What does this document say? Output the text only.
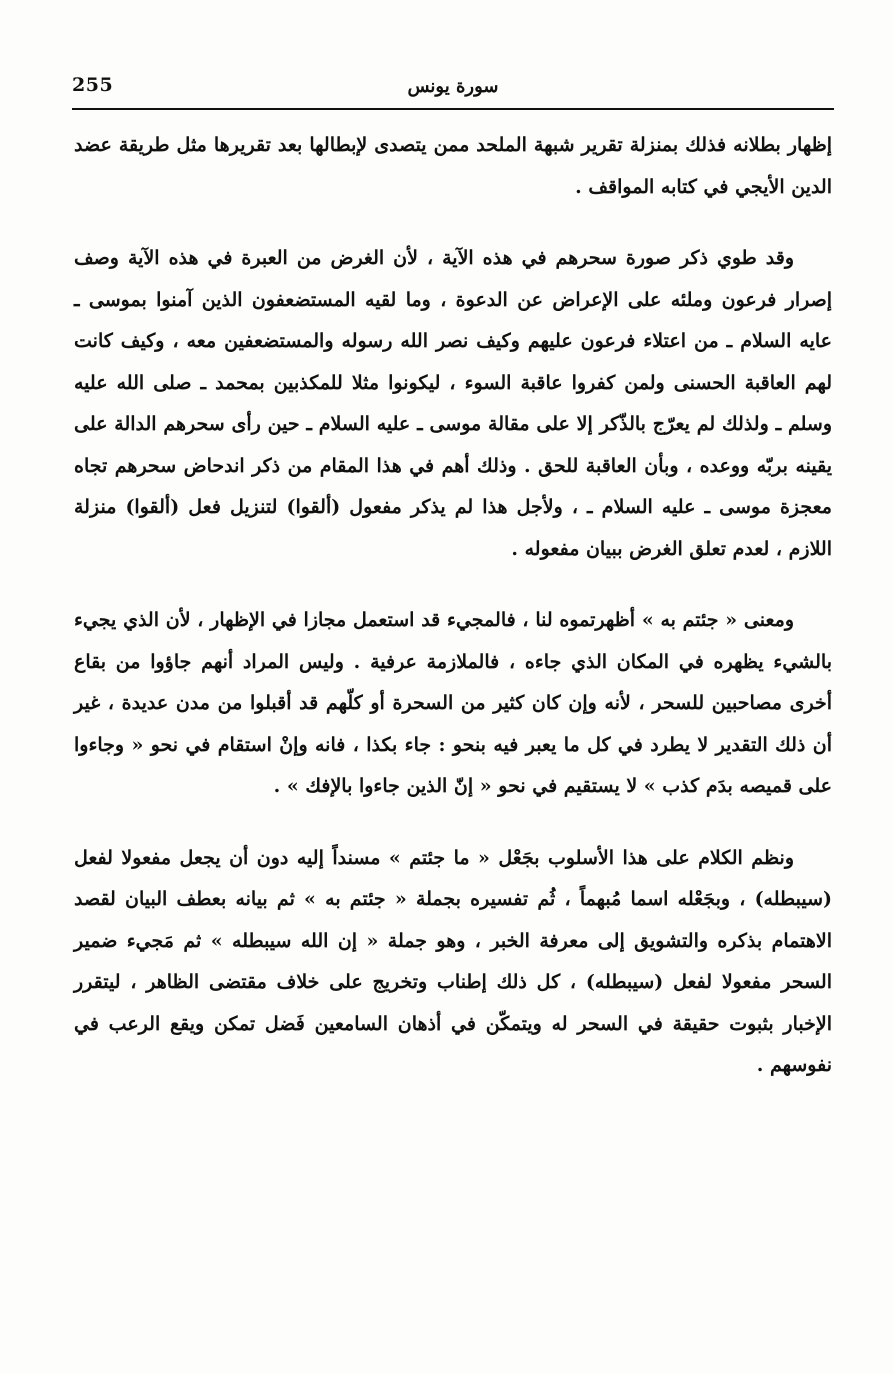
255	سورة يونس

إظهار بطلانه فذلك بمنزلة تقرير شبهة الملحد ممن يتصدى لإبطالها بعد تقريرها مثل طريقة عضد الدين الأيجي في كتابه المواقف .

وقد طوي ذكر صورة سحرهم في هذه الآية ، لأن الغرض من العبرة في هذه الآية وصف إصرار فرعون وملئه على الإعراض عن الدعوة ، وما لقيه المستضعفون الذين آمنوا بموسى ـ عايه السلام ـ من اعتلاء فرعون عليهم وكيف نصر الله رسوله والمستضعفين معه ، وكيف كانت لهم العاقبة الحسنى ولمن كفروا عاقبة السوء ، ليكونوا مثلا للمكذبين بمحمد ـ صلى الله عليه وسلم ـ ولذلك لم يعرّج بالذّكر إلا على مقالة موسى ـ عليه السلام ـ حين رأى سحرهم الدالة على يقينه بربّه ووعده ، وبأن العاقبة للحق . وذلك أهم في هذا المقام من ذكر اندحاض سحرهم تجاه معجزة موسى ـ عليه السلام ـ ، ولأجل هذا لم يذكر مفعول (ألقوا) لتنزيل فعل (ألقوا) منزلة اللازم ، لعدم تعلق الغرض ببيان مفعوله .

ومعنى « جئتم به » أظهرتموه لنا ، فالمجيء قد استعمل مجازا في الإظهار ، لأن الذي يجيء بالشيء يظهره في المكان الذي جاءه ، فالملازمة عرفية . وليس المراد أنهم جاؤوا من بقاع أخرى مصاحبين للسحر ، لأنه وإن كان كثير من السحرة أو كلّهم قد أقبلوا من مدن عديدة ، غير أن ذلك التقدير لا يطرد في كل ما يعبر فيه بنحو : جاء بكذا ، فانه وإنْ استقام في نحو « وجاءوا على قميصه بدَم كذب » لا يستقيم في نحو « إنّ الذين جاءوا بالإفك » .

ونظم الكلام على هذا الأسلوب بجَعْل « ما جئتم » مسنداً إليه دون أن يجعل مفعولا لفعل (سيبطله) ، وبجَعْله اسما مُبهماً ، ثُم تفسيره بجملة « جئتم به » ثم بيانه بعطف البيان لقصد الاهتمام بذكره والتشويق إلى معرفة الخبر ، وهو جملة « إن الله سيبطله » ثم مَجيء ضمير السحر مفعولا لفعل (سيبطله) ، كل ذلك إطناب وتخريج على خلاف مقتضى الظاهر ، ليتقرر الإخبار بثبوت حقيقة في السحر له ويتمكّن في أذهان السامعين فَضل تمكن ويقع الرعب في نفوسهم .
